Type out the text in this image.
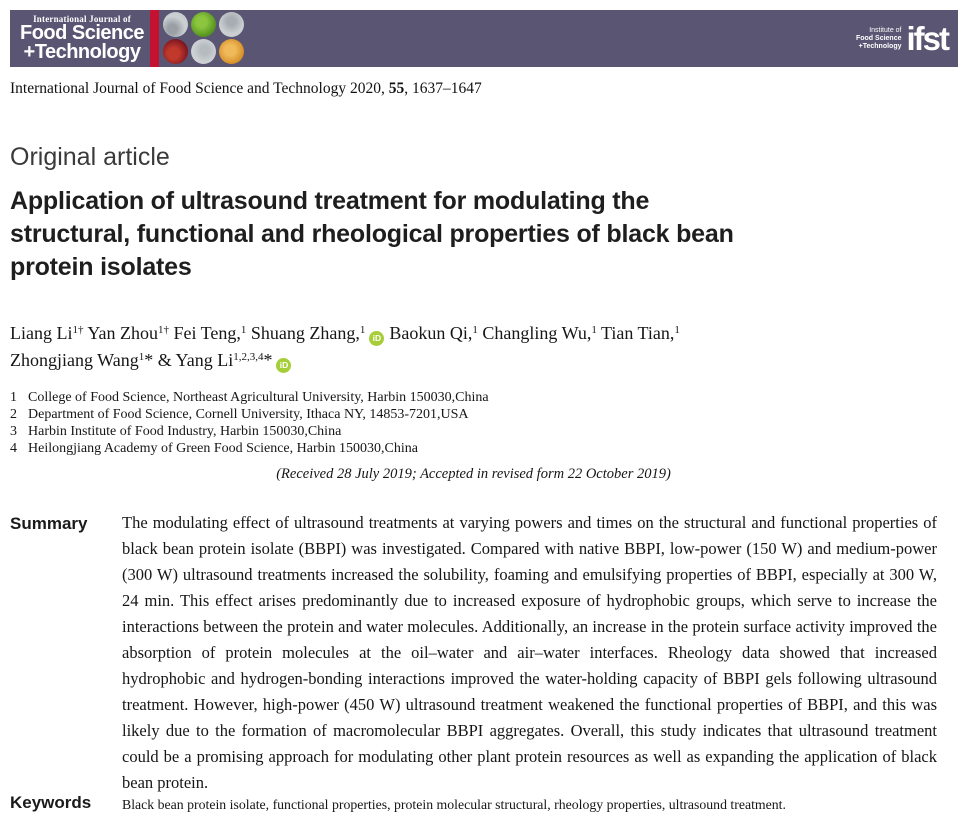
International Journal of
Food Science
+Technology
Institute of
Food Science
+Technology ifst
International Journal of Food Science and Technology 2020, 55, 1637–1647
Original article
Application of ultrasound treatment for modulating the
structural, functional and rheological properties of black bean
protein isolates
Liang $Li^{1\dagger}$ Yan Zhou$^{1\dagger}$ Fei Teng,$^1$ Shuang Zhang,$^1$iD Baokun Qi,$^1$ Changling Wu,$^1$ Tian Tian,$^1$
Zhongjiang Wang$^1$* & Yang Li$^{1,2,3,4}$* iD
1 College of Food Science, Northeast Agricultural University, Harbin 150030,China
2 Department of Food Science, Cornell University, Ithaca NY, 14853-7201,USA
3 Harbin Institute of Food Industry, Harbin 150030,China
4 Heilongjiang Academy of Green Food Science, Harbin 150030,China
(Received 28 July 2019; Accepted in revised form 22 October 2019)
Summary The modulating effect of ultrasound treatments at varying powers and times on the structural and functional properties of black bean protein isolate (BBPI) was investigated. Compared with native BBPI, low-power (150 W) and medium-power (300 W) ultrasound treatments increased the solubility, foaming and emulsifying properties of BBPI, especially at 300 W, 24 min. This effect arises predominantly due to increased exposure of hydrophobic groups, which serve to increase the interactions between the protein and water molecules. Additionally, an increase in the protein surface activity improved the absorption of protein molecules at the oil–water and air–water interfaces. Rheology data showed that increased hydrophobic and hydrogen-bonding interactions improved the water-holding capacity of BBPI gels following ultrasound treatment. However, high-power (450 W) ultrasound treatment weakened the functional properties of BBPI, and this was likely due to the formation of macromolecular BBPI aggregates. Overall, this study indicates that ultrasound treatment could be a promising approach for modulating other plant protein resources as well as expanding the application of black bean protein.
Keywords Black bean protein isolate, functional properties, protein molecular structural, rheology properties, ultrasound treatment.
